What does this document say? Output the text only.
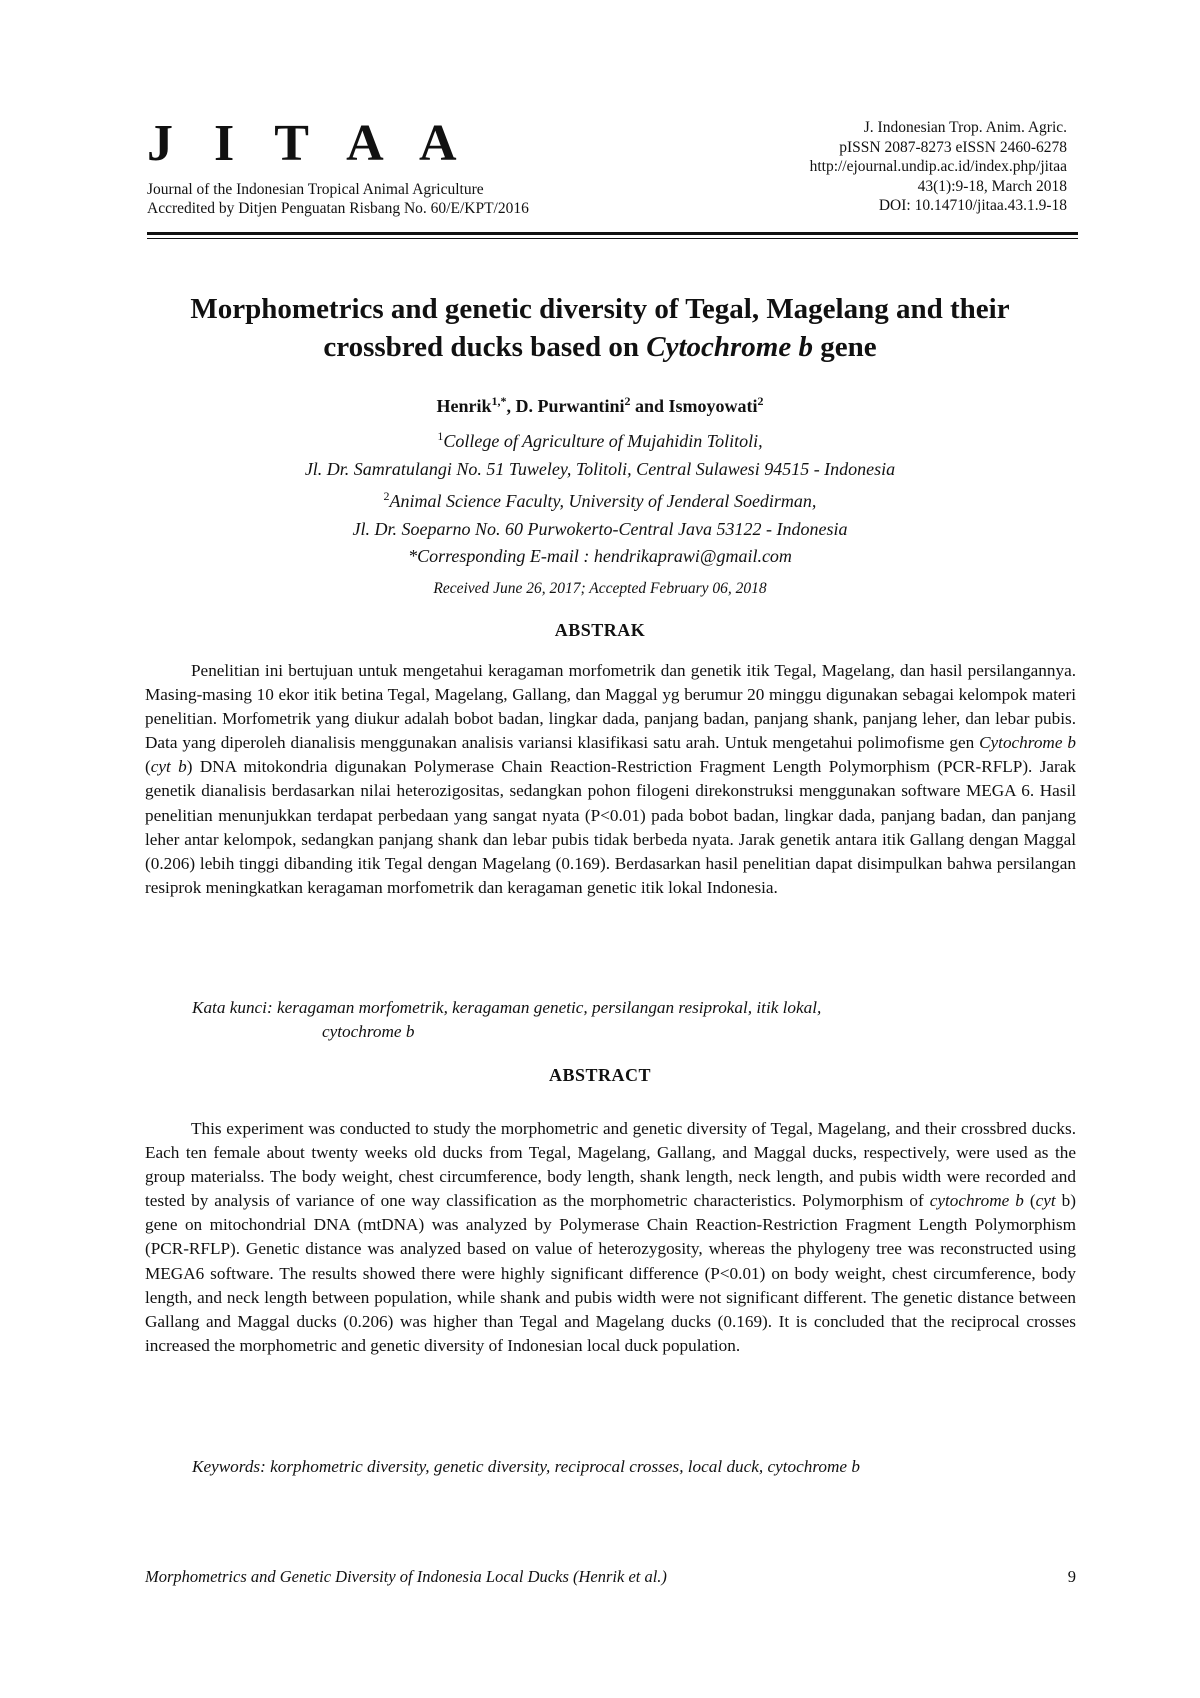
J I T A A
Journal of the Indonesian Tropical Animal Agriculture
Accredited by Ditjen Penguatan Risbang No. 60/E/KPT/2016
J. Indonesian Trop. Anim. Agric.
pISSN 2087-8273 eISSN 2460-6278
http://ejournal.undip.ac.id/index.php/jitaa
43(1):9-18, March 2018
DOI: 10.14710/jitaa.43.1.9-18
Morphometrics and genetic diversity of Tegal, Magelang and their
crossbred ducks based on Cytochrome b gene
Henrik$^{1,*}$, D. Purwantini$^2$ and Ismoyowati$^2$
$^1$College of Agriculture of Mujahidin Tolitoli,
Jl. Dr. Samratulangi No. 51 Tuweley, Tolitoli, Central Sulawesi 94515 - Indonesia
$^2$Animal Science Faculty, University of Jenderal Soedirman,
Jl. Dr. Soeparno No. 60 Purwokerto-Central Java 53122 - Indonesia
*Corresponding E-mail : hendrikaprawi@gmail.com
Received June 26, 2017; Accepted February 06, 2018
ABSTRAK

Penelitian ini bertujuan untuk mengetahui keragaman morfometrik dan genetik itik Tegal, Magelang, dan hasil persilangannya. Masing-masing 10 ekor itik betina Tegal, Magelang, Gallang, dan Maggal yg berumur 20 minggu digunakan sebagai kelompok materi penelitian. Morfometrik yang diukur adalah bobot badan, lingkar dada, panjang badan, panjang shank, panjang leher, dan lebar pubis. Data yang diperoleh dianalisis menggunakan analisis variansi klasifikasi satu arah. Untuk mengetahui polimofisme gen Cytochrome b (cyt b) DNA mitokondria digunakan Polymerase Chain Reaction-Restriction Fragment Length Polymorphism (PCR-RFLP). Jarak genetik dianalisis berdasarkan nilai heterozigositas, sedangkan pohon filogeni direkonstruksi menggunakan software MEGA 6. Hasil penelitian menunjukkan terdapat perbedaan yang sangat nyata (P<0.01) pada bobot badan, lingkar dada, panjang badan, dan panjang leher antar kelompok, sedangkan panjang shank dan lebar pubis tidak berbeda nyata. Jarak genetik antara itik Gallang dengan Maggal (0.206) lebih tinggi dibanding itik Tegal dengan Magelang (0.169). Berdasarkan hasil penelitian dapat disimpulkan bahwa persilangan resiprok meningkatkan keragaman morfometrik dan keragaman genetic itik lokal Indonesia.

Kata kunci: keragaman morfometrik, keragaman genetic, persilangan resiprokal, itik lokal,
cytochrome b
ABSTRACT

This experiment was conducted to study the morphometric and genetic diversity of Tegal, Magelang, and their crossbred ducks. Each ten female about twenty weeks old ducks from Tegal, Magelang, Gallang, and Maggal ducks, respectively, were used as the group materialss. The body weight, chest circumference, body length, shank length, neck length, and pubis width were recorded and tested by analysis of variance of one way classification as the morphometric characteristics. Polymorphism of cytochrome b (cyt b) gene on mitochondrial DNA (mtDNA) was analyzed by Polymerase Chain Reaction-Restriction Fragment Length Polymorphism (PCR-RFLP). Genetic distance was analyzed based on value of heterozygosity, whereas the phylogeny tree was reconstructed using MEGA6 software. The results showed there were highly significant difference (P<0.01) on body weight, chest circumference, body length, and neck length between population, while shank and pubis width were not significant different. The genetic distance between Gallang and Maggal ducks (0.206) was higher than Tegal and Magelang ducks (0.169). It is concluded that the reciprocal crosses increased the morphometric and genetic diversity of Indonesian local duck population.

Keywords: korphometric diversity, genetic diversity, reciprocal crosses, local duck, cytochrome b
Morphometrics and Genetic Diversity of Indonesia Local Ducks (Henrik et al.)	9
